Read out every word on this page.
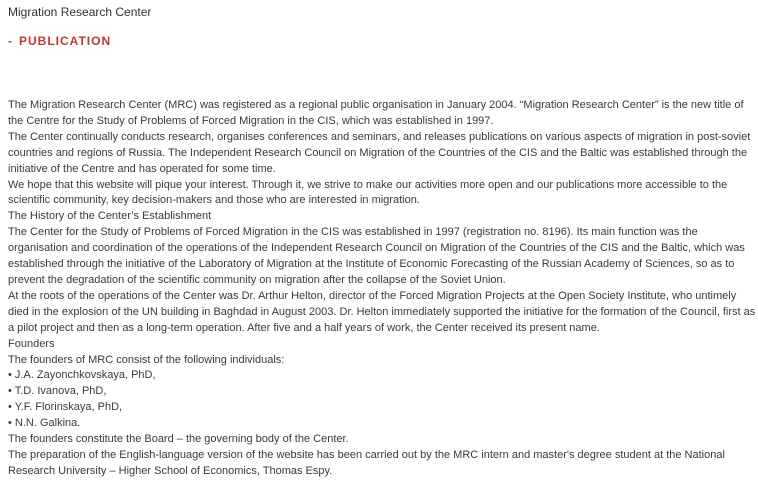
Migration Research Center
- PUBLICATION

The Migration Research Center (MRC) was registered as a regional public organisation in January 2004. “Migration Research Center” is the new title of the Centre for the Study of Problems of Forced Migration in the CIS, which was established in 1997.

The Center continually conducts research, organises conferences and seminars, and releases publications on various aspects of migration in post-soviet countries and regions of Russia. The Independent Research Council on Migration of the Countries of the CIS and the Baltic was established through the initiative of the Centre and has operated for some time.

We hope that this website will pique your interest. Through it, we strive to make our activities more open and our publications more accessible to the scientific community, key decision-makers and those who are interested in migration.

The History of the Center’s Establishment

The Center for the Study of Problems of Forced Migration in the CIS was established in 1997 (registration no. 8196). Its main function was the organisation and coordination of the operations of the Independent Research Council on Migration of the Countries of the CIS and the Baltic, which was established through the initiative of the Laboratory of Migration at the Institute of Economic Forecasting of the Russian Academy of Sciences, so as to prevent the degradation of the scientific community on migration after the collapse of the Soviet Union.

At the roots of the operations of the Center was Dr. Arthur Helton, director of the Forced Migration Projects at the Open Society Institute, who untimely died in the explosion of the UN building in Baghdad in August 2003. Dr. Helton immediately supported the initiative for the formation of the Council, first as a pilot project and then as a long-term operation. After five and a half years of work, the Center received its present name.

Founders

The founders of MRC consist of the following individuals:

• J.A. Zayonchkovskaya, PhD,
• T.D. Ivanova, PhD,
• Y.F. Florinskaya, PhD,
• N.N. Galkina.

The founders constitute the Board – the governing body of the Center.

The preparation of the English-language version of the website has been carried out by the MRC intern and master's degree student at the National Research University – Higher School of Economics, Thomas Espy.
